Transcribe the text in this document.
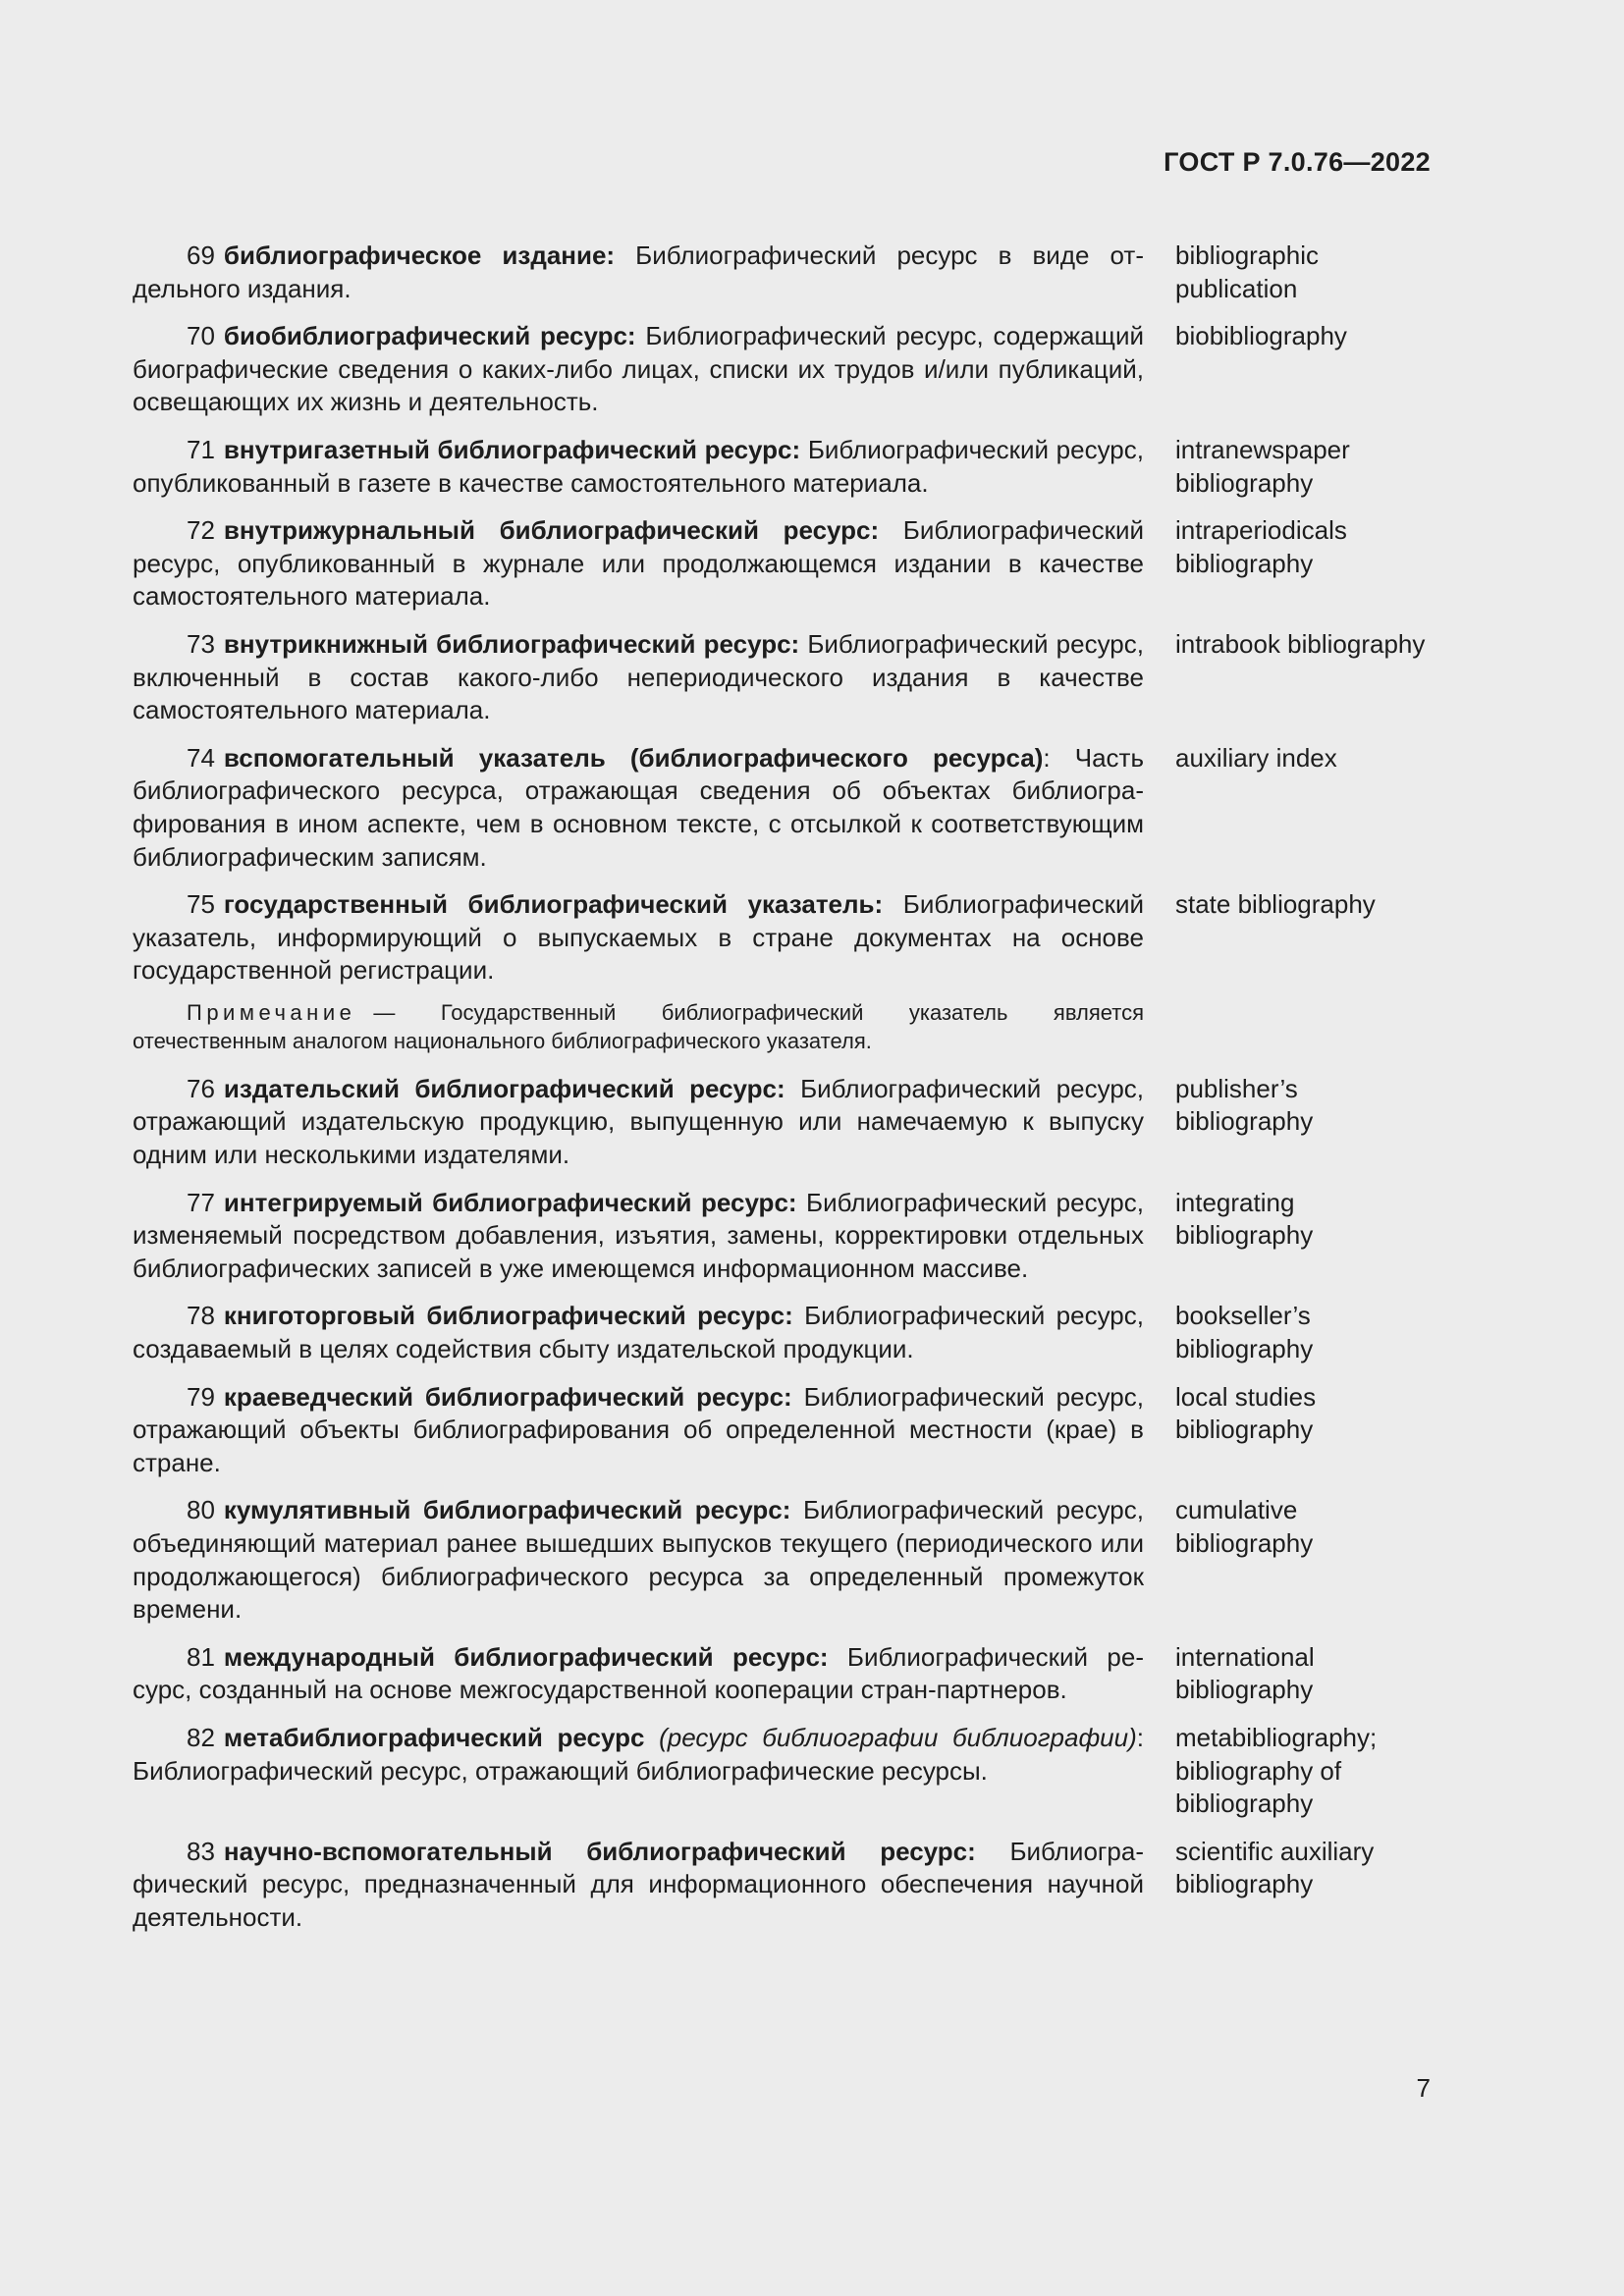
ГОСТ Р 7.0.76—2022
69 библиографическое издание: Библиографический ресурс в виде отдельного издания.
bibliographic publication
70 биобиблиографический ресурс: Библиографический ресурс, содержащий биографические сведения о каких-либо лицах, списки их трудов и/или публикаций, освещающих их жизнь и деятельность.
biobibliography
71 внутригазетный библиографический ресурс: Библиографический ресурс, опубликованный в газете в качестве самостоятельного материала.
intranewspaper bibliography
72 внутрижурнальный библиографический ресурс: Библиографический ресурс, опубликованный в журнале или продолжающемся издании в качестве самостоятельного материала.
intraperiodicals bibliography
73 внутрикнижный библиографический ресурс: Библиографический ресурс, включенный в состав какого-либо непериодического издания в качестве самостоятельного материала.
intrabook bibliography
74 вспомогательный указатель (библиографического ресурса): Часть библиографического ресурса, отражающая сведения об объектах библиографирования в ином аспекте, чем в основном тексте, с отсылкой к соответствующим библиографическим записям.
auxiliary index
75 государственный библиографический указатель: Библиографический указатель, информирующий о выпускаемых в стране документах на основе государственной регистрации.
state bibliography
Примечание — Государственный библиографический указатель является отечественным аналогом национального библиографического указателя.
76 издательский библиографический ресурс: Библиографический ресурс, отражающий издательскую продукцию, выпущенную или намечаемую к выпуску одним или несколькими издателями.
publisher’s bibliography
77 интегрируемый библиографический ресурс: Библиографический ресурс, изменяемый посредством добавления, изъятия, замены, корректировки отдельных библиографических записей в уже имеющемся информационном массиве.
integrating bibliography
78 книготорговый библиографический ресурс: Библиографический ресурс, создаваемый в целях содействия сбыту издательской продукции.
bookseller’s bibliography
79 краеведческий библиографический ресурс: Библиографический ресурс, отражающий объекты библиографирования об определенной местности (крае) в стране.
local studies bibliography
80 кумулятивный библиографический ресурс: Библиографический ресурс, объединяющий материал ранее вышедших выпусков текущего (периодического или продолжающегося) библиографического ресурса за определенный промежуток времени.
cumulative bibliography
81 международный библиографический ресурс: Библиографический ресурс, созданный на основе межгосударственной кооперации стран-партнеров.
international bibliography
82 метабиблиографический ресурс (ресурс библиографии библиографии): Библиографический ресурс, отражающий библиографические ресурсы.
metabibliography; bibliography of bibliography
83 научно-вспомогательный библиографический ресурс: Библиографический ресурс, предназначенный для информационного обеспечения научной деятельности.
scientific auxiliary bibliography
7
